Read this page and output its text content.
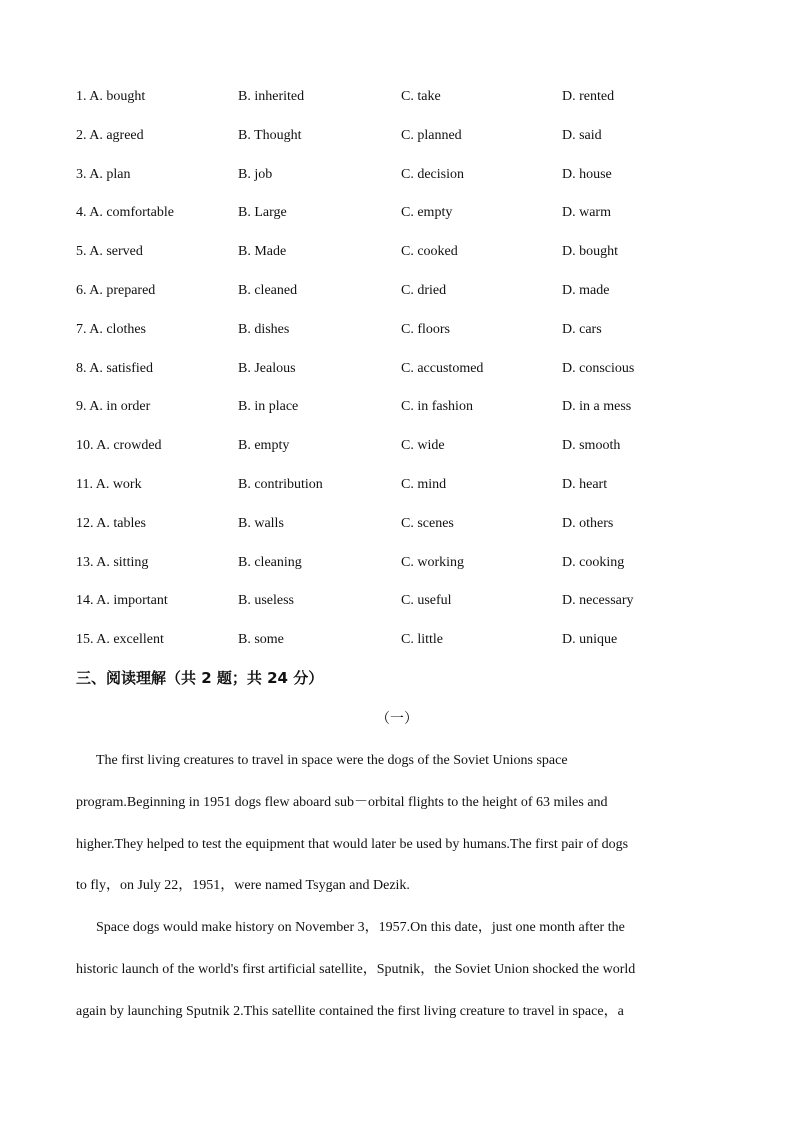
1. A. bought	B. inherited	C. take	D. rented
2. A. agreed	B. Thought	C. planned	D. said
3. A. plan	B. job	C. decision	D. house
4. A. comfortable	B. Large	C. empty	D. warm
5. A. served	B. Made	C. cooked	D. bought
6. A. prepared	B. cleaned	C. dried	D. made
7. A. clothes	B. dishes	C. floors	D. cars
8. A. satisfied	B. Jealous	C. accustomed	D. conscious
9. A. in order	B. in place	C. in fashion	D. in a mess
10. A. crowded	B. empty	C. wide	D. smooth
11. A. work	B. contribution	C. mind	D. heart
12. A. tables	B. walls	C. scenes	D. others
13. A. sitting	B. cleaning	C. working	D. cooking
14. A. important	B. useless	C. useful	D. necessary
15. A. excellent	B. some	C. little	D. unique
三、阅读理解（共 2 题；共 24 分）
（一）
The first living creatures to travel in space were the dogs of the Soviet Unions space
program.Beginning in 1951 dogs flew aboard sub－orbital flights to the height of 63 miles and
higher.They helped to test the equipment that would later be used by humans.The first pair of dogs
to fly，on July 22，1951，were named Tsygan and Dezik.
Space dogs would make history on November 3，1957.On this date，just one month after the
historic launch of the world's first artificial satellite，Sputnik，the Soviet Union shocked the world
again by launching Sputnik 2.This satellite contained the first living creature to travel in space，a
